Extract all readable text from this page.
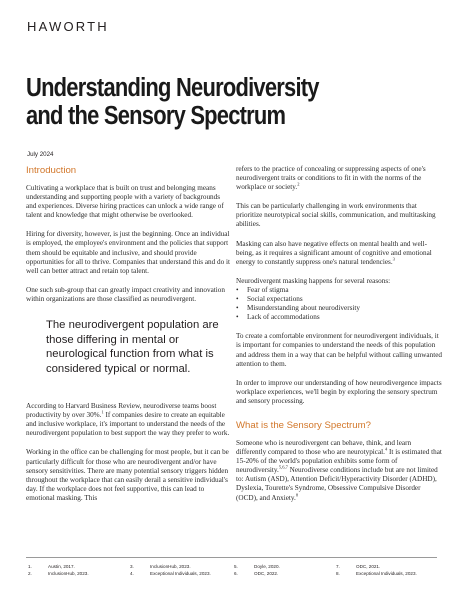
HAWORTH
Understanding Neurodiversity
and the Sensory Spectrum
July 2024
Introduction

Cultivating a workplace that is built on trust and belonging means understanding and supporting people with a variety of backgrounds and experiences. Diverse hiring practices can unlock a wide range of talent and knowledge that might otherwise be overlooked.

Hiring for diversity, however, is just the beginning. Once an individual is employed, the employee's environment and the policies that support them should be equitable and inclusive, and should provide opportunities for all to thrive. Companies that understand this and do it well can better attract and retain top talent.

One such sub-group that can greatly impact creativity and innovation within organizations are those classified as neurodivergent.

The neurodivergent population are those differing in mental or neurological function from what is considered typical or normal.

According to Harvard Business Review, neurodiverse teams boost productivity by over 30%.$^1$ If companies desire to create an equitable and inclusive workplace, it's important to understand the needs of the neurodivergent population to best support the way they prefer to work.

Working in the office can be challenging for most people, but it can be particularly difficult for those who are neurodivergent and/or have sensory sensitivities. There are many potential sensory triggers hidden throughout the workplace that can easily derail a sensitive individual's day. If the workplace does not feel supportive, this can lead to emotional masking. This

refers to the practice of concealing or suppressing aspects of one's neurodivergent traits or conditions to fit in with the norms of the workplace or society.$^2$

This can be particularly challenging in work environments that prioritize neurotypical social skills, communication, and multitasking abilities.

Masking can also have negative effects on mental health and well-being, as it requires a significant amount of cognitive and emotional energy to constantly suppress one's natural tendencies.$^3$

Neurodivergent masking happens for several reasons:

• Fear of stigma
• Social expectations
• Misunderstanding about neurodiversity
• Lack of accommodations

To create a comfortable environment for neurodivergent individuals, it is important for companies to understand the needs of this population and address them in a way that can be helpful without calling unwanted attention to them.

In order to improve our understanding of how neurodivergence impacts workplace experiences, we'll begin by exploring the sensory spectrum and sensory processing.

What is the Sensory Spectrum?

Someone who is neurodivergent can behave, think, and learn differently compared to those who are neurotypical.$^4$ It is estimated that 15-20% of the world's population exhibits some form of neurodiversity.$^{5,6,7}$ Neurodiverse conditions include but are not limited to: Autism (ASD), Attention Deficit/Hyperactivity Disorder (ADHD), Dyslexia, Tourette's Syndrome, Obsessive Compulsive Disorder (OCD), and Anxiety.$^8$

1.	Austin, 2017.
2.	InclusionHub, 2023.
3.	InclusionHub, 2023.
4.	Exceptional Individuals, 2023.
5.	Doyle, 2020.
6.	ODC, 2022.
7.	ODC, 2021.
8.	Exceptional Individuals, 2023.
